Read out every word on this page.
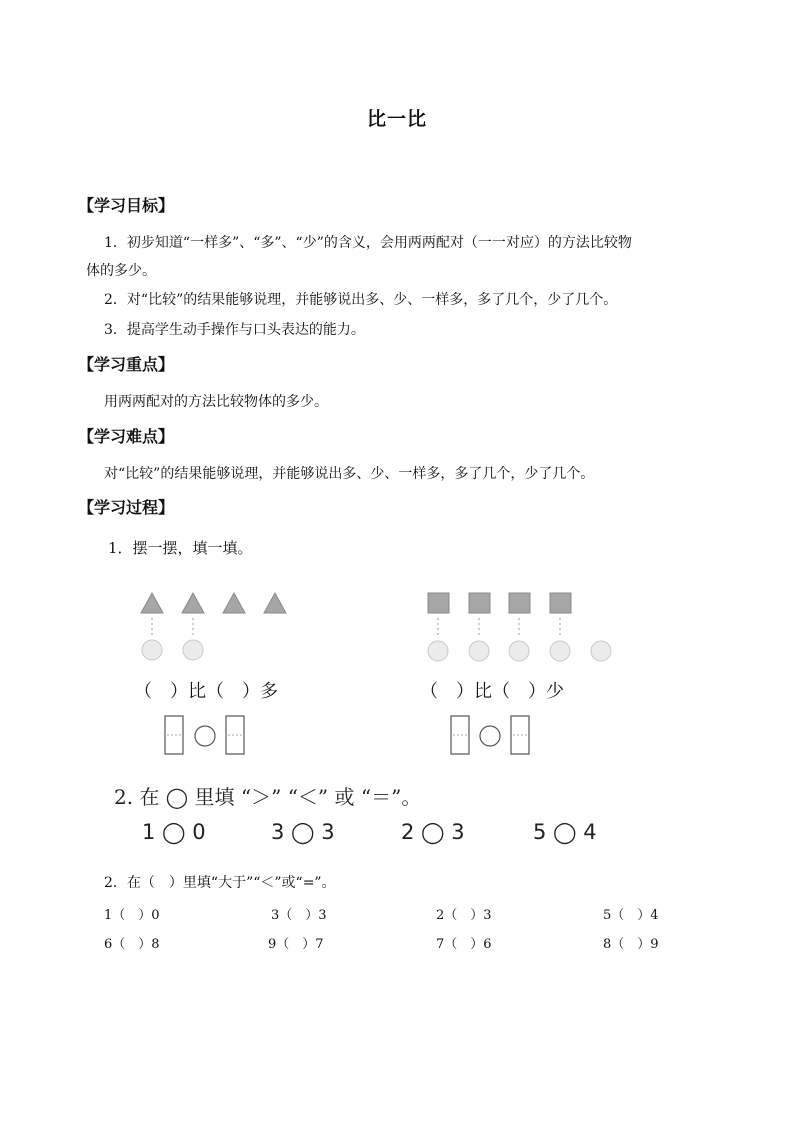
比一比
【学习目标】
1．初步知道“一样多”、“多”、“少”的含义，会用两两配对（一一对应）的方法比较物
体的多少。
2．对“比较”的结果能够说理，并能够说出多、少、一样多，多了几个，少了几个。
3．提高学生动手操作与口头表达的能力。
【学习重点】
用两两配对的方法比较物体的多少。
【学习难点】
对“比较”的结果能够说理，并能够说出多、少、一样多，多了几个，少了几个。
【学习过程】
1．摆一摆，填一填。
（　）比（　）多	（　）比（　）少
2. 在 ◯ 里填 “＞” “＜” 或 “＝”。
1 ◯ 0	3 ◯ 3	2 ◯ 3	5 ◯ 4
2．在（　）里填“大于”“＜”或“=”。
1（　）0	3（　）3	2（　）3	5（　）4
6（　）8	9（　）7	7（　）6	8（　）9
